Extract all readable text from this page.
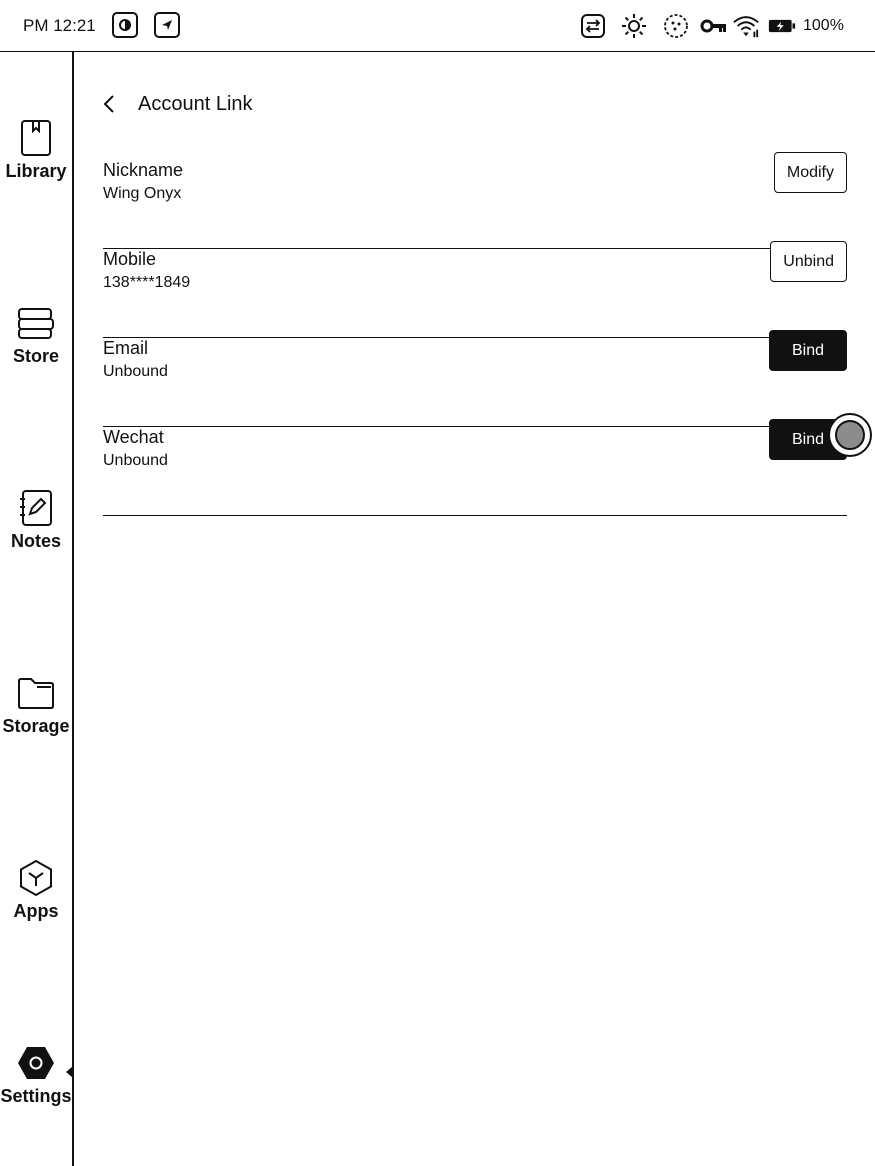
PM 12:21	100%
Library
Store
Notes
Storage
Apps
Settings
Account Link
Nickname
Wing Onyx
Modify
Mobile
138****1849
Unbind
Email
Unbound
Bind
Wechat
Unbound
Bind
